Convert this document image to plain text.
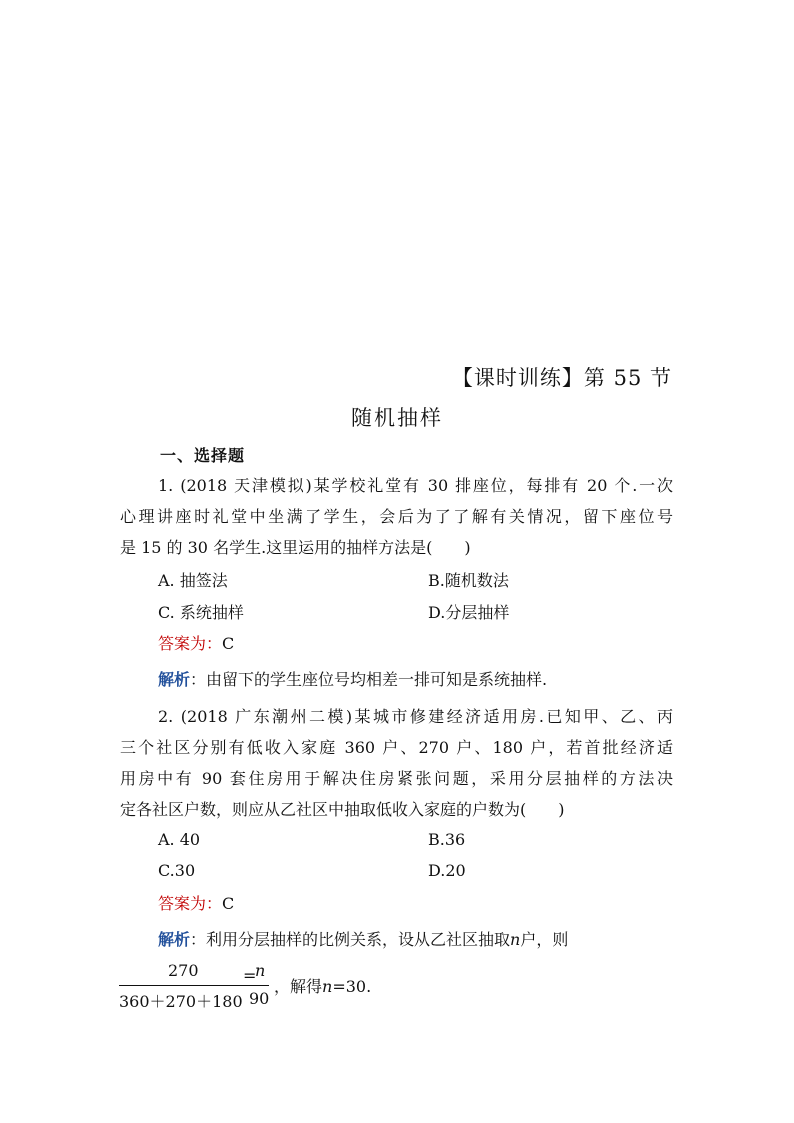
【课时训练】第 55 节
随机抽样
一、选择题
1. (2018 天津模拟)某学校礼堂有 30 排座位，每排有 20 个.一次
心理讲座时礼堂中坐满了学生，会后为了了解有关情况，留下座位号
是 15 的 30 名学生.这里运用的抽样方法是(　　)
A. 抽签法	B.随机数法
C. 系统抽样	D.分层抽样
答案为：C
解析：由留下的学生座位号均相差一排可知是系统抽样.
2. (2018 广东潮州二模)某城市修建经济适用房.已知甲、乙、丙
三个社区分别有低收入家庭 360 户、270 户、180 户，若首批经济适
用房中有 90 套住房用于解决住房紧张问题，采用分层抽样的方法决
定各社区户数，则应从乙社区中抽取低收入家庭的户数为(　　)
A. 40	B.36
C.30	D.20
答案为：C
解析：利用分层抽样的比例关系，设从乙社区抽取n户，则
270
360＋270＋180
=
n
90
，解得n=30.
